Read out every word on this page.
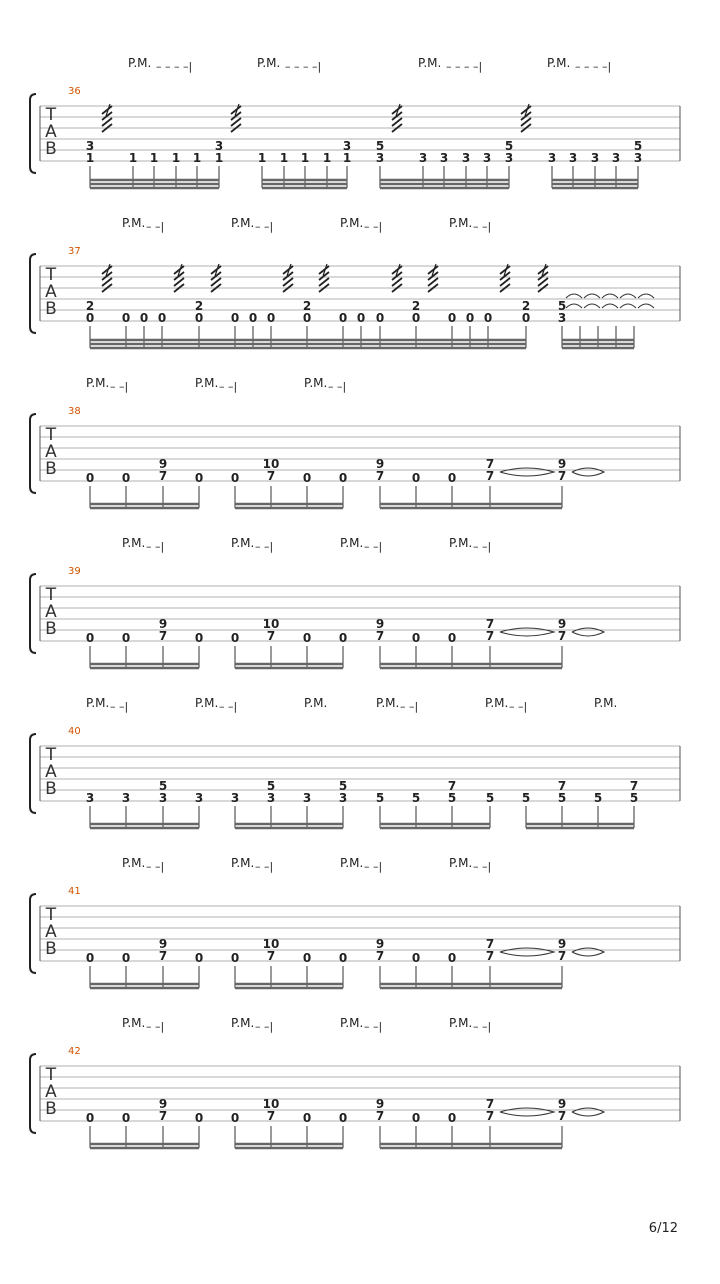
T
A
B
36
P.M. – – – –|	P.M. – – – –|	P.M. – – – –|	P.M. – – – –|
3
1	1 1 1 1
3
1	1 1 1 1
3
1
5
3	3 3 3 3
5
3	3 3 3 3
5
3
T
A
B
37
P.M. – –|	P.M. – –|	P.M. – –|	P.M. – –|
2
0 0 0 0
2
0 0 0 0
2
0 0 0 0
2
0 0 0 0
2
0
5
3
T
A
B
38
P.M. – –|	P.M. – –|	P.M. – –|
0 0
9
7 0 0
10
7 0 0
9
7 0 0
7
7
9
7
T
A
B
39
P.M. – –|	P.M. – –|	P.M. – –|	P.M. – –|
0 0
9
7 0 0
10
7 0 0
9
7 0 0
7
7
9
7
T
A
B
40
P.M. – –|	P.M. – –|	P.M.	P.M. – –|	P.M. – –|	P.M.
3 3
5
3 3 3
5
3 3
5
3 5 5
7
5 5 5
7
5 5
7
5
T
A
B
41
P.M. – –|	P.M. – –|	P.M. – –|	P.M. – –|
0 0
9
7 0 0
10
7 0 0
9
7 0 0
7
7
9
7
T
A
B
42
P.M. – –|	P.M. – –|	P.M. – –|	P.M. – –|
0 0
9
7 0 0
10
7 0 0
9
7 0 0
7
7
9
7
6/12
